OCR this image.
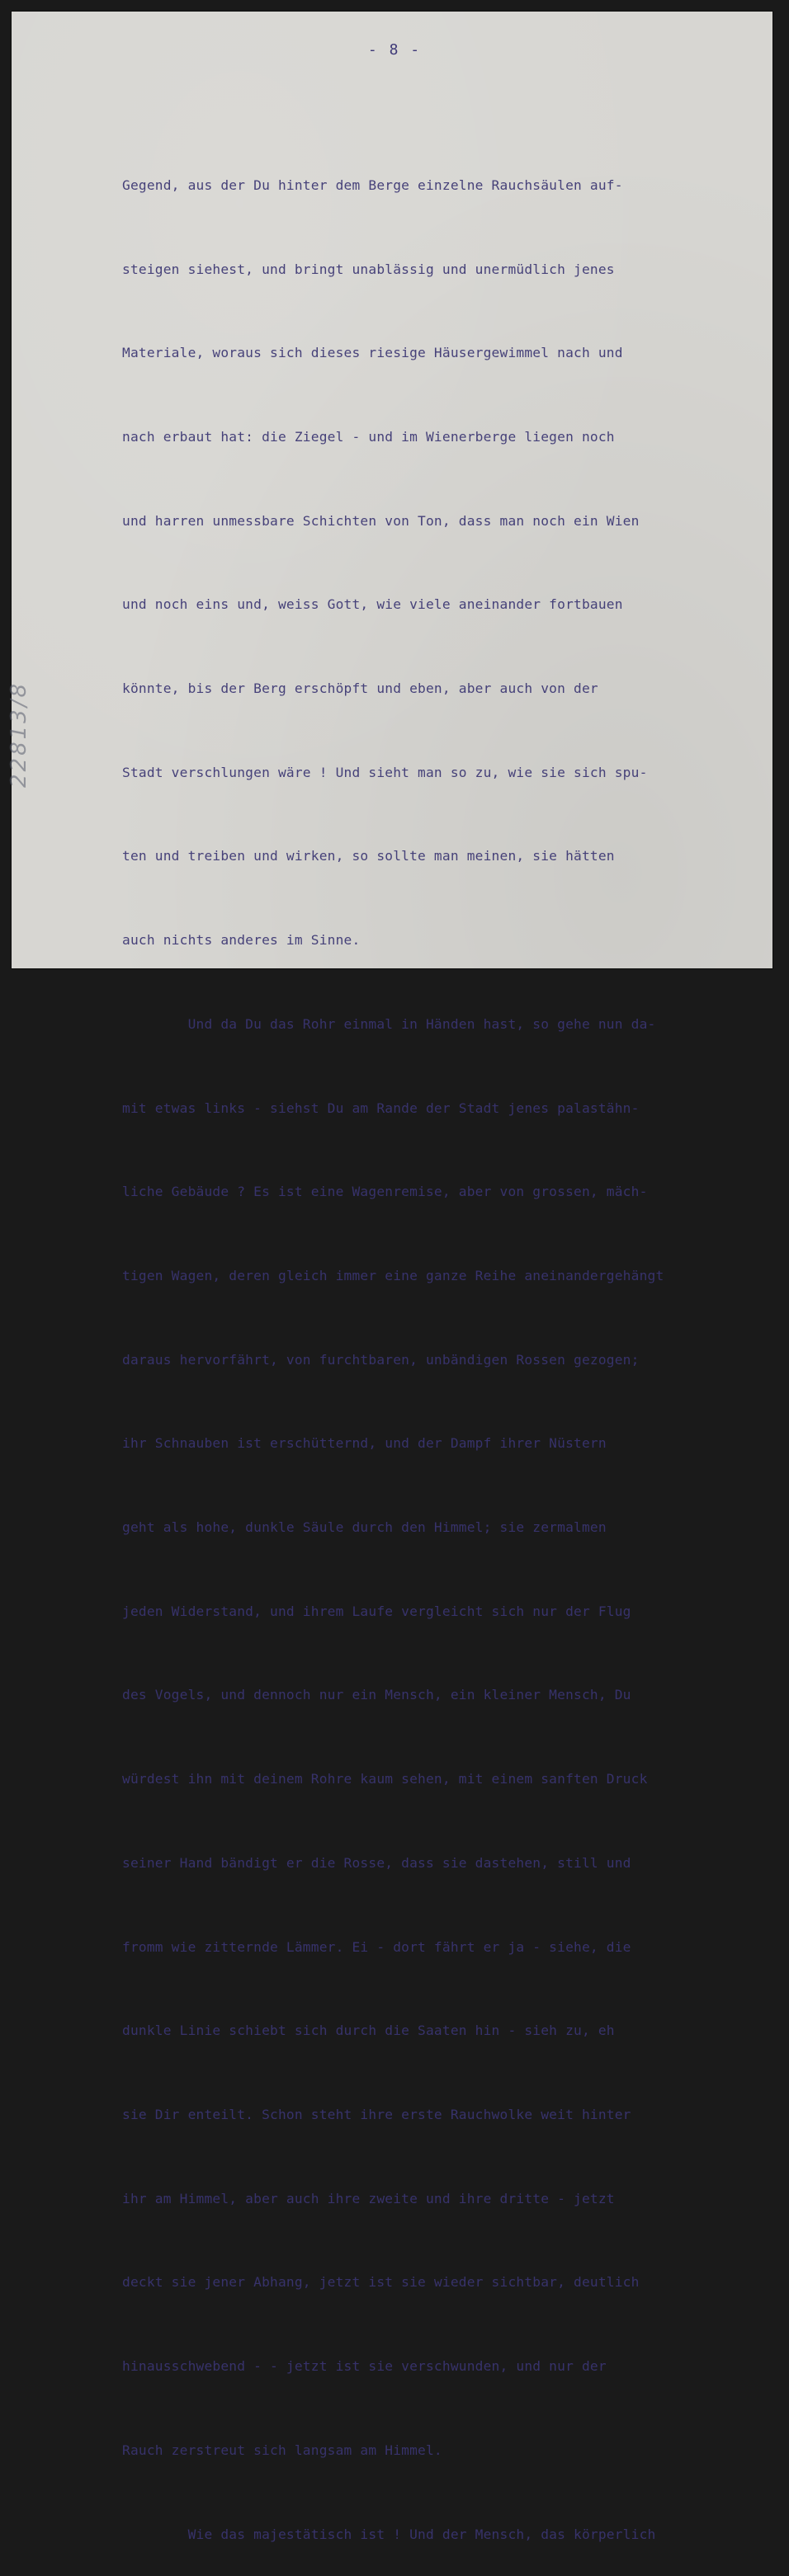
- 8 -

Gegend, aus der Du hinter dem Berge einzelne Rauchsäulen auf-

steigen siehest, und bringt unablässig und unermüdlich jenes

Materiale, woraus sich dieses riesige Häusergewimmel nach und

nach erbaut hat: die Ziegel - und im Wienerberge liegen noch

und harren unmessbare Schichten von Ton, dass man noch ein Wien

und noch eins und, weiss Gott, wie viele aneinander fortbauen

könnte, bis der Berg erschöpft und eben, aber auch von der

Stadt verschlungen wäre ! Und sieht man so zu, wie sie sich spu-

ten und treiben und wirken, so sollte man meinen, sie hätten

auch nichts anderes im Sinne.

Und da Du das Rohr einmal in Händen hast, so gehe nun da-

mit etwas links - siehst Du am Rande der Stadt jenes palastähn-

liche Gebäude ? Es ist eine Wagenremise, aber von grossen, mäch-

tigen Wagen, deren gleich immer eine ganze Reihe aneinandergehängt

daraus hervorfährt, von furchtbaren, unbändigen Rossen gezogen;

ihr Schnauben ist erschütternd, und der Dampf ihrer Nüstern

geht als hohe, dunkle Säule durch den Himmel; sie zermalmen

jeden Widerstand, und ihrem Laufe vergleicht sich nur der Flug

des Vogels, und dennoch nur ein Mensch, ein kleiner Mensch, Du

würdest ihn mit deinem Rohre kaum sehen, mit einem sanften Druck

seiner Hand bändigt er die Rosse, dass sie dastehen, still und

fromm wie zitternde Lämmer. Ei - dort fährt er ja - siehe, die

dunkle Linie schiebt sich durch die Saaten hin - sieh zu, eh

sie Dir enteilt. Schon steht ihre erste Rauchwolke weit hinter

ihr am Himmel, aber auch ihre zweite und ihre dritte - jetzt

deckt sie jener Abhang, jetzt ist sie wieder sichtbar, deutlich

hinausschwebend - - jetzt ist sie verschwunden, und nur der

Rauch zerstreut sich langsam am Himmel.

Wie das majestätisch ist ! Und der Mensch, das körperlich

22813/8
